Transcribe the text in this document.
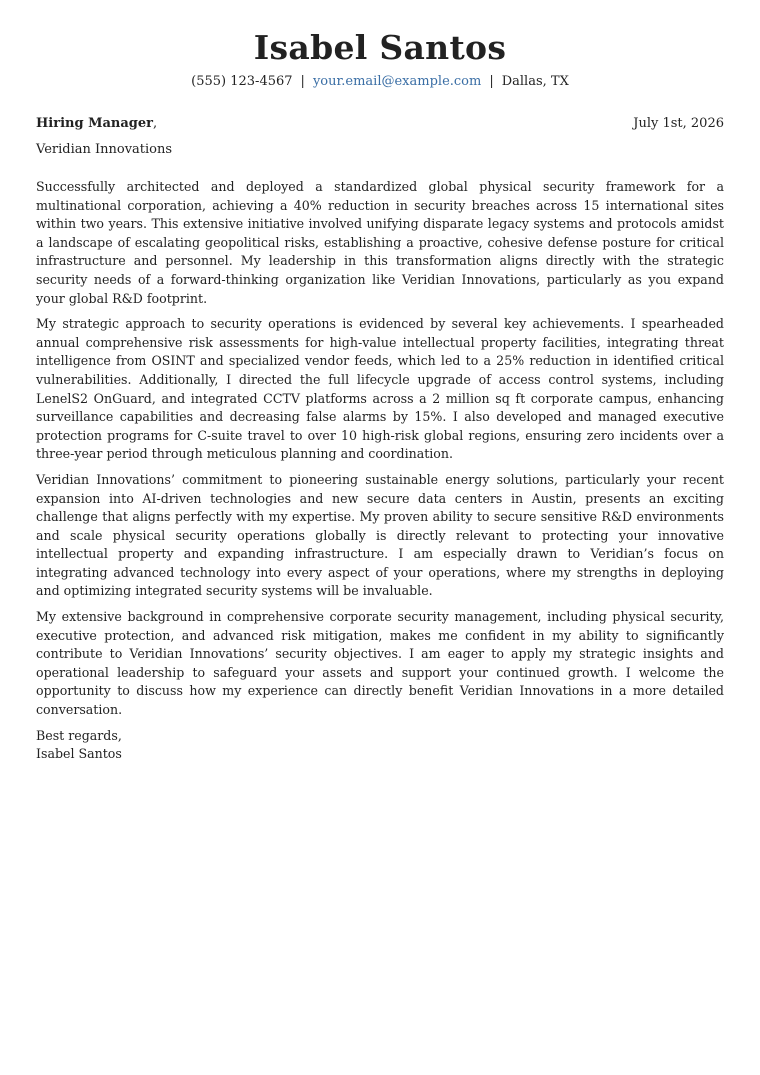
Isabel Santos
(555) 123-4567 | your.email@example.com | Dallas, TX
Hiring Manager,	July 1st, 2026
Veridian Innovations

Successfully architected and deployed a standardized global physical security framework for a multinational corporation, achieving a 40% reduction in security breaches across 15 international sites within two years. This extensive initiative involved unifying disparate legacy systems and protocols amidst a landscape of escalating geopolitical risks, establishing a proactive, cohesive defense posture for critical infrastructure and personnel. My leadership in this transformation aligns directly with the strategic security needs of a forward-thinking organization like Veridian Innovations, particularly as you expand your global R&D footprint.

My strategic approach to security operations is evidenced by several key achievements. I spearheaded annual comprehensive risk assessments for high-value intellectual property facilities, integrating threat intelligence from OSINT and specialized vendor feeds, which led to a 25% reduction in identified critical vulnerabilities. Additionally, I directed the full lifecycle upgrade of access control systems, including LenelS2 OnGuard, and integrated CCTV platforms across a 2 million sq ft corporate campus, enhancing surveillance capabilities and decreasing false alarms by 15%. I also developed and managed executive protection programs for C-suite travel to over 10 high-risk global regions, ensuring zero incidents over a three-year period through meticulous planning and coordination.

Veridian Innovations’ commitment to pioneering sustainable energy solutions, particularly your recent expansion into AI-driven technologies and new secure data centers in Austin, presents an exciting challenge that aligns perfectly with my expertise. My proven ability to secure sensitive R&D environments and scale physical security operations globally is directly relevant to protecting your innovative intellectual property and expanding infrastructure. I am especially drawn to Veridian’s focus on integrating advanced technology into every aspect of your operations, where my strengths in deploying and optimizing integrated security systems will be invaluable.

My extensive background in comprehensive corporate security management, including physical security, executive protection, and advanced risk mitigation, makes me confident in my ability to significantly contribute to Veridian Innovations’ security objectives. I am eager to apply my strategic insights and operational leadership to safeguard your assets and support your continued growth. I welcome the opportunity to discuss how my experience can directly benefit Veridian Innovations in a more detailed conversation.

Best regards,
Isabel Santos
